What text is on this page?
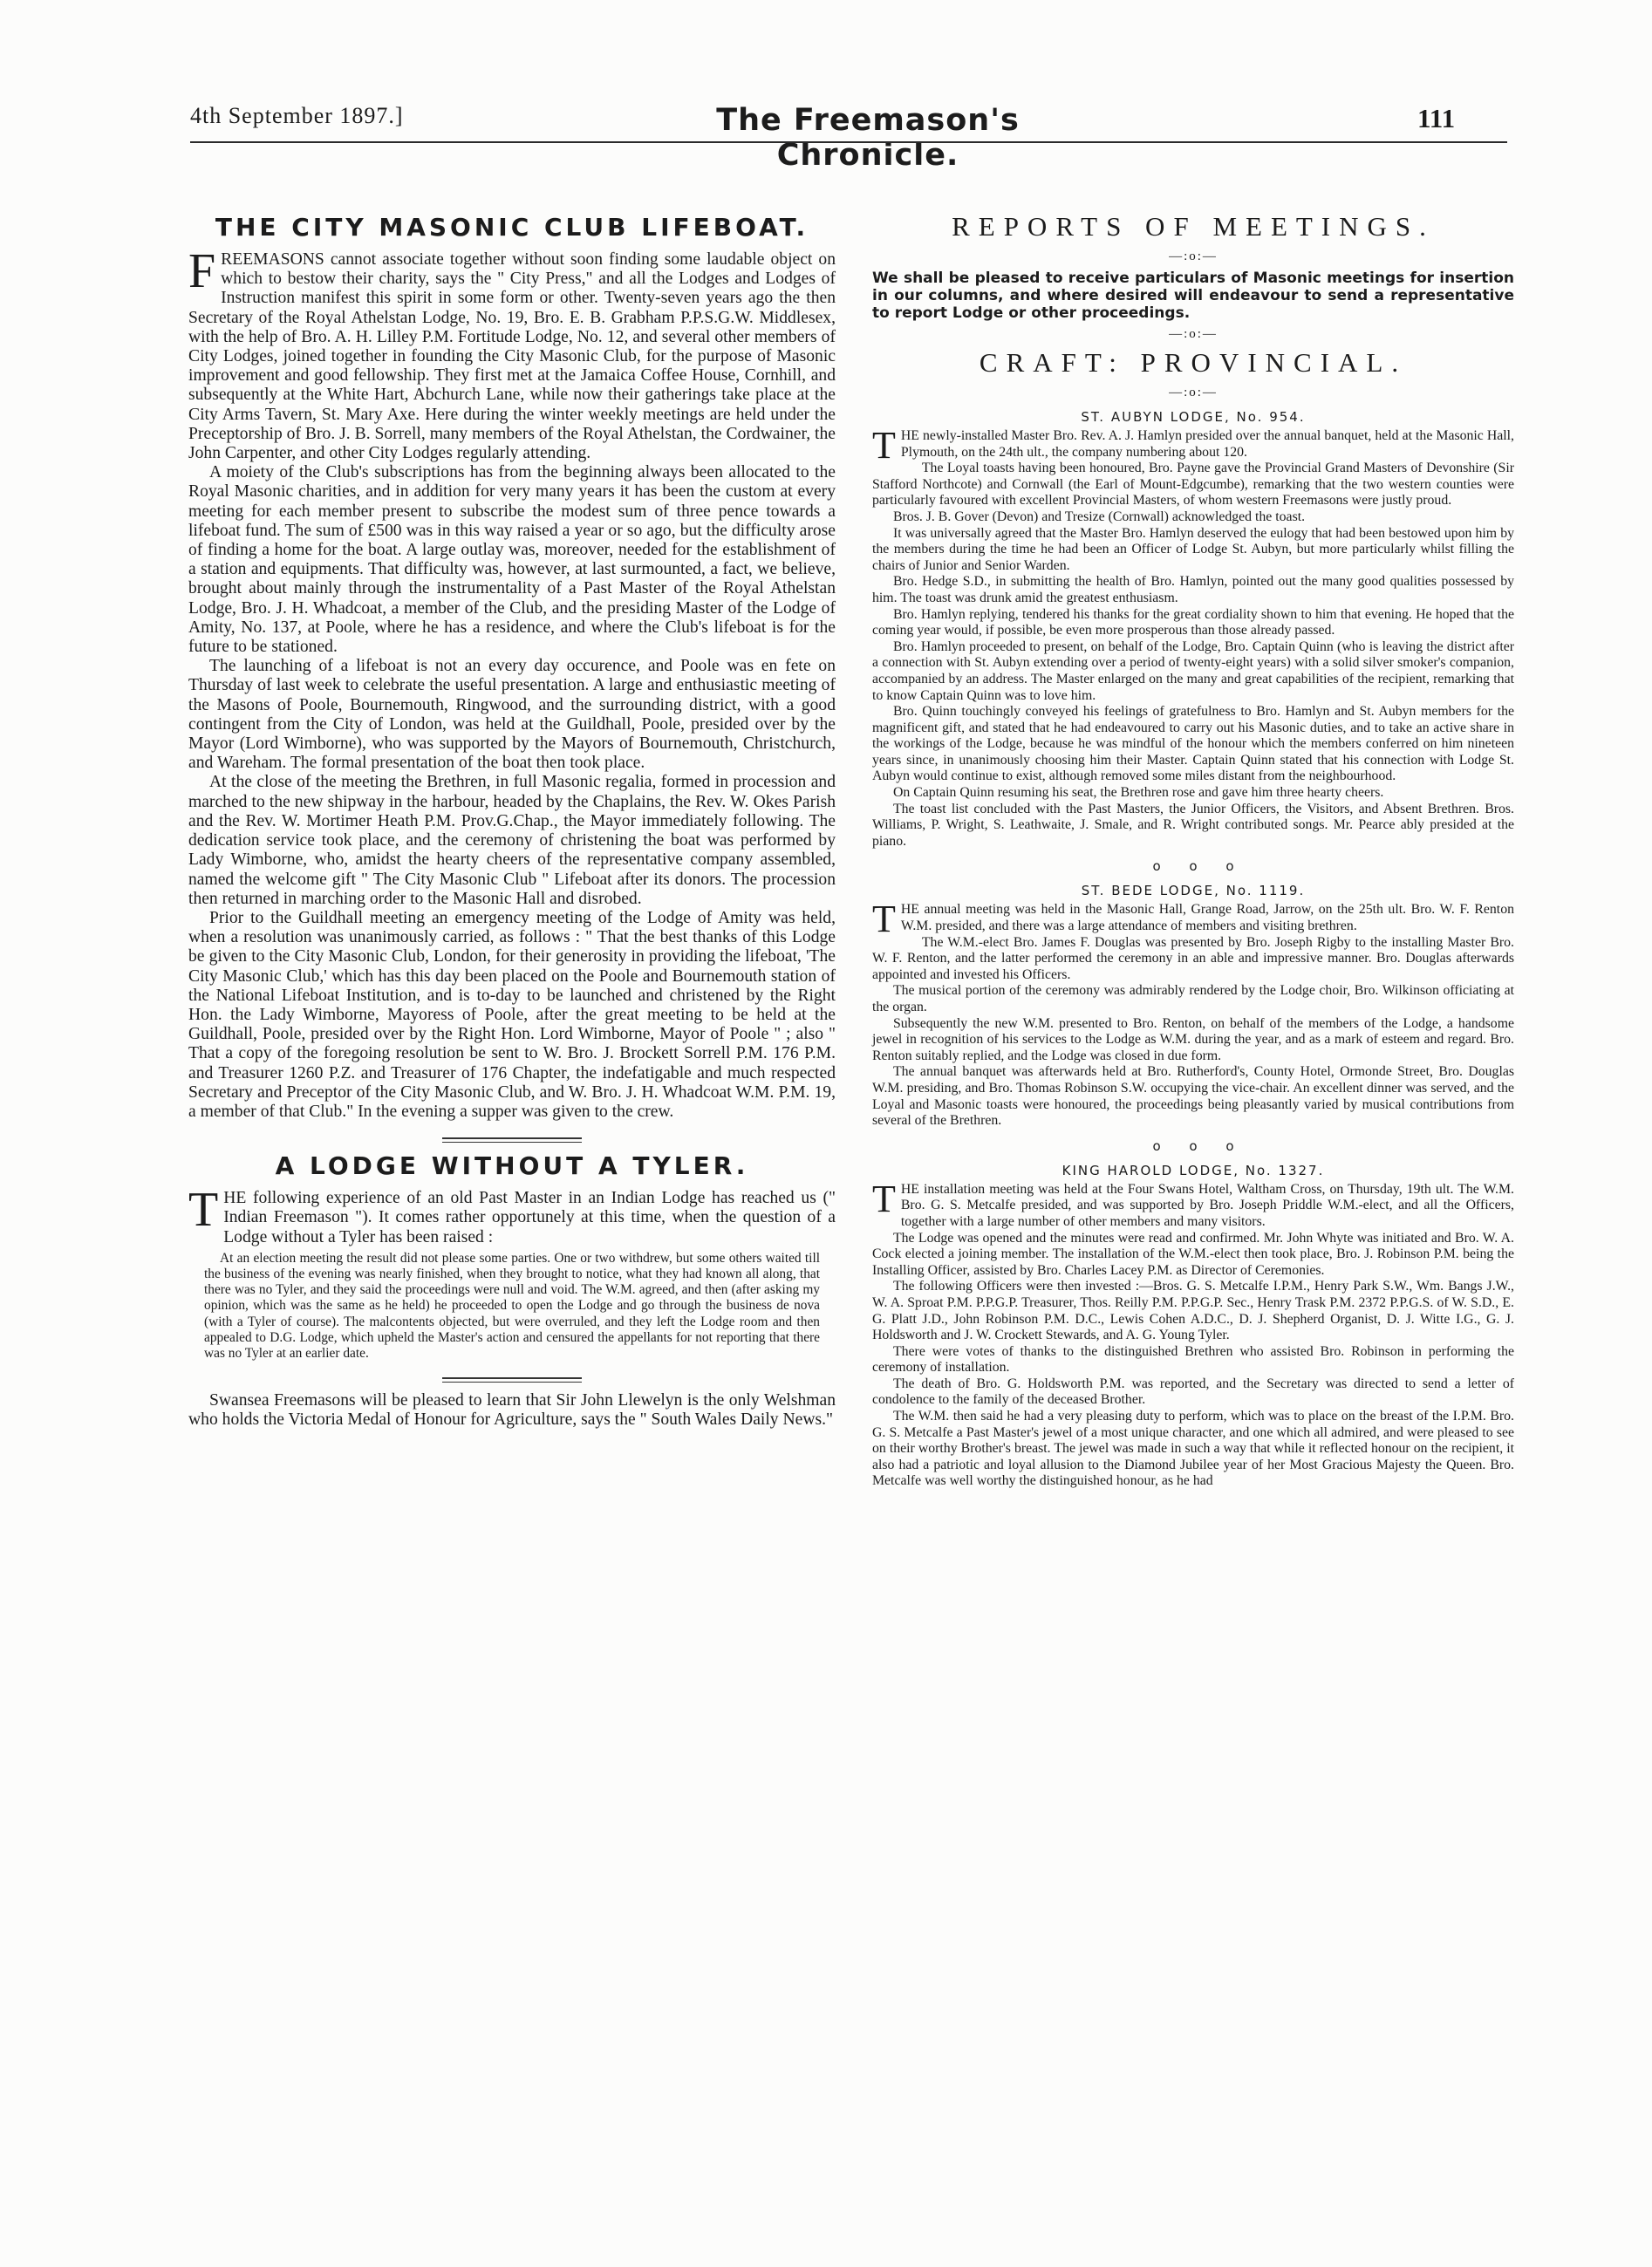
4th September 1897.]	The Freemason's Chronicle.
111
THE CITY MASONIC CLUB LIFEBOAT.

FREEMASONS cannot associate together without soon finding some laudable object on which to bestow their charity, says the " City Press," and all the Lodges and Lodges of Instruction manifest this spirit in some form or other. Twenty-seven years ago the then Secretary of the Royal Athelstan Lodge, No. 19, Bro. E. B. Grabham P.P.S.G.W. Middlesex, with the help of Bro. A. H. Lilley P.M. Fortitude Lodge, No. 12, and several other members of City Lodges, joined together in founding the City Masonic Club, for the purpose of Masonic improvement and good fellowship. They first met at the Jamaica Coffee House, Cornhill, and subsequently at the White Hart, Abchurch Lane, while now their gatherings take place at the City Arms Tavern, St. Mary Axe. Here during the winter weekly meetings are held under the Preceptorship of Bro. J. B. Sorrell, many members of the Royal Athelstan, the Cordwainer, the John Carpenter, and other City Lodges regularly attending.

A moiety of the Club's subscriptions has from the beginning always been allocated to the Royal Masonic charities, and in addition for very many years it has been the custom at every meeting for each member present to subscribe the modest sum of three pence towards a lifeboat fund. The sum of £500 was in this way raised a year or so ago, but the difficulty arose of finding a home for the boat. A large outlay was, moreover, needed for the establishment of a station and equipments. That difficulty was, however, at last surmounted, a fact, we believe, brought about mainly through the instrumentality of a Past Master of the Royal Athelstan Lodge, Bro. J. H. Whadcoat, a member of the Club, and the presiding Master of the Lodge of Amity, No. 137, at Poole, where he has a residence, and where the Club's lifeboat is for the future to be stationed.

The launching of a lifeboat is not an every day occurence, and Poole was en fete on Thursday of last week to celebrate the useful presentation. A large and enthusiastic meeting of the Masons of Poole, Bournemouth, Ringwood, and the surrounding district, with a good contingent from the City of London, was held at the Guildhall, Poole, presided over by the Mayor (Lord Wimborne), who was supported by the Mayors of Bournemouth, Christchurch, and Wareham. The formal presentation of the boat then took place.

At the close of the meeting the Brethren, in full Masonic regalia, formed in procession and marched to the new shipway in the harbour, headed by the Chaplains, the Rev. W. Okes Parish and the Rev. W. Mortimer Heath P.M. Prov.G.Chap., the Mayor immediately following. The dedication service took place, and the ceremony of christening the boat was performed by Lady Wimborne, who, amidst the hearty cheers of the representative company assembled, named the welcome gift " The City Masonic Club " Lifeboat after its donors. The procession then returned in marching order to the Masonic Hall and disrobed.

Prior to the Guildhall meeting an emergency meeting of the Lodge of Amity was held, when a resolution was unanimously carried, as follows : " That the best thanks of this Lodge be given to the City Masonic Club, London, for their generosity in providing the lifeboat, 'The City Masonic Club,' which has this day been placed on the Poole and Bournemouth station of the National Lifeboat Institution, and is to-day to be launched and christened by the Right Hon. the Lady Wimborne, Mayoress of Poole, after the great meeting to be held at the Guildhall, Poole, presided over by the Right Hon. Lord Wimborne, Mayor of Poole " ; also " That a copy of the foregoing resolution be sent to W. Bro. J. Brockett Sorrell P.M. 176 P.M. and Treasurer 1260 P.Z. and Treasurer of 176 Chapter, the indefatigable and much respected Secretary and Preceptor of the City Masonic Club, and W. Bro. J. H. Whadcoat W.M. P.M. 19, a member of that Club." In the evening a supper was given to the crew.

A LODGE WITHOUT A TYLER.

THE following experience of an old Past Master in an Indian Lodge has reached us (" Indian Freemason "). It comes rather opportunely at this time, when the question of a Lodge without a Tyler has been raised :

At an election meeting the result did not please some parties. One or two withdrew, but some others waited till the business of the evening was nearly finished, when they brought to notice, what they had known all along, that there was no Tyler, and they said the proceedings were null and void. The W.M. agreed, and then (after asking my opinion, which was the same as he held) he proceeded to open the Lodge and go through the business de nova (with a Tyler of course). The malcontents objected, but were overruled, and they left the Lodge room and then appealed to D.G. Lodge, which upheld the Master's action and censured the appellants for not reporting that there was no Tyler at an earlier date.

Swansea Freemasons will be pleased to learn that Sir John Llewelyn is the only Welshman who holds the Victoria Medal of Honour for Agriculture, says the " South Wales Daily News."

REPORTS OF MEETINGS.
—:o:—

We shall be pleased to receive particulars of Masonic meetings for insertion in our columns, and where desired will endeavour to send a representative to report Lodge or other proceedings.

—:o:—
CRAFT: PROVINCIAL.
—:o:—
ST. AUBYN LODGE, No. 954.

THE newly-installed Master Bro. Rev. A. J. Hamlyn presided over the annual banquet, held at the Masonic Hall, Plymouth, on the 24th ult., the company numbering about 120.

The Loyal toasts having been honoured, Bro. Payne gave the Provincial Grand Masters of Devonshire (Sir Stafford Northcote) and Cornwall (the Earl of Mount-Edgcumbe), remarking that the two western counties were particularly favoured with excellent Provincial Masters, of whom western Freemasons were justly proud.

Bros. J. B. Gover (Devon) and Tresize (Cornwall) acknowledged the toast.

It was universally agreed that the Master Bro. Hamlyn deserved the eulogy that had been bestowed upon him by the members during the time he had been an Officer of Lodge St. Aubyn, but more particularly whilst filling the chairs of Junior and Senior Warden.

Bro. Hedge S.D., in submitting the health of Bro. Hamlyn, pointed out the many good qualities possessed by him. The toast was drunk amid the greatest enthusiasm.

Bro. Hamlyn replying, tendered his thanks for the great cordiality shown to him that evening. He hoped that the coming year would, if possible, be even more prosperous than those already passed.

Bro. Hamlyn proceeded to present, on behalf of the Lodge, Bro. Captain Quinn (who is leaving the district after a connection with St. Aubyn extending over a period of twenty-eight years) with a solid silver smoker's companion, accompanied by an address. The Master enlarged on the many and great capabilities of the recipient, remarking that to know Captain Quinn was to love him.

Bro. Quinn touchingly conveyed his feelings of gratefulness to Bro. Hamlyn and St. Aubyn members for the magnificent gift, and stated that he had endeavoured to carry out his Masonic duties, and to take an active share in the workings of the Lodge, because he was mindful of the honour which the members conferred on him nineteen years since, in unanimously choosing him their Master. Captain Quinn stated that his connection with Lodge St. Aubyn would continue to exist, although removed some miles distant from the neighbourhood.

On Captain Quinn resuming his seat, the Brethren rose and gave him three hearty cheers.

The toast list concluded with the Past Masters, the Junior Officers, the Visitors, and Absent Brethren. Bros. Williams, P. Wright, S. Leathwaite, J. Smale, and R. Wright contributed songs. Mr. Pearce ably presided at the piano.

o o o
ST. BEDE LODGE, No. 1119.

THE annual meeting was held in the Masonic Hall, Grange Road, Jarrow, on the 25th ult. Bro. W. F. Renton W.M. presided, and there was a large attendance of members and visiting brethren.

The W.M.-elect Bro. James F. Douglas was presented by Bro. Joseph Rigby to the installing Master Bro. W. F. Renton, and the latter performed the ceremony in an able and impressive manner. Bro. Douglas afterwards appointed and invested his Officers.

The musical portion of the ceremony was admirably rendered by the Lodge choir, Bro. Wilkinson officiating at the organ.

Subsequently the new W.M. presented to Bro. Renton, on behalf of the members of the Lodge, a handsome jewel in recognition of his services to the Lodge as W.M. during the year, and as a mark of esteem and regard. Bro. Renton suitably replied, and the Lodge was closed in due form.

The annual banquet was afterwards held at Bro. Rutherford's, County Hotel, Ormonde Street, Bro. Douglas W.M. presiding, and Bro. Thomas Robinson S.W. occupying the vice-chair. An excellent dinner was served, and the Loyal and Masonic toasts were honoured, the proceedings being pleasantly varied by musical contributions from several of the Brethren.

o o o
KING HAROLD LODGE, No. 1327.

THE installation meeting was held at the Four Swans Hotel, Waltham Cross, on Thursday, 19th ult. The W.M. Bro. G. S. Metcalfe presided, and was supported by Bro. Joseph Priddle W.M.-elect, and all the Officers, together with a large number of other members and many visitors.

The Lodge was opened and the minutes were read and confirmed. Mr. John Whyte was initiated and Bro. W. A. Cock elected a joining member. The installation of the W.M.-elect then took place, Bro. J. Robinson P.M. being the Installing Officer, assisted by Bro. Charles Lacey P.M. as Director of Ceremonies.

The following Officers were then invested :—Bros. G. S. Metcalfe I.P.M., Henry Park S.W., Wm. Bangs J.W., W. A. Sproat P.M. P.P.G.P. Treasurer, Thos. Reilly P.M. P.P.G.P. Sec., Henry Trask P.M. 2372 P.P.G.S. of W. S.D., E. G. Platt J.D., John Robinson P.M. D.C., Lewis Cohen A.D.C., D. J. Shepherd Organist, D. J. Witte I.G., G. J. Holdsworth and J. W. Crockett Stewards, and A. G. Young Tyler.

There were votes of thanks to the distinguished Brethren who assisted Bro. Robinson in performing the ceremony of installation.

The death of Bro. G. Holdsworth P.M. was reported, and the Secretary was directed to send a letter of condolence to the family of the deceased Brother.

The W.M. then said he had a very pleasing duty to perform, which was to place on the breast of the I.P.M. Bro. G. S. Metcalfe a Past Master's jewel of a most unique character, and one which all admired, and were pleased to see on their worthy Brother's breast. The jewel was made in such a way that while it reflected honour on the recipient, it also had a patriotic and loyal allusion to the Diamond Jubilee year of her Most Gracious Majesty the Queen. Bro. Metcalfe was well worthy the distinguished honour, as he had
